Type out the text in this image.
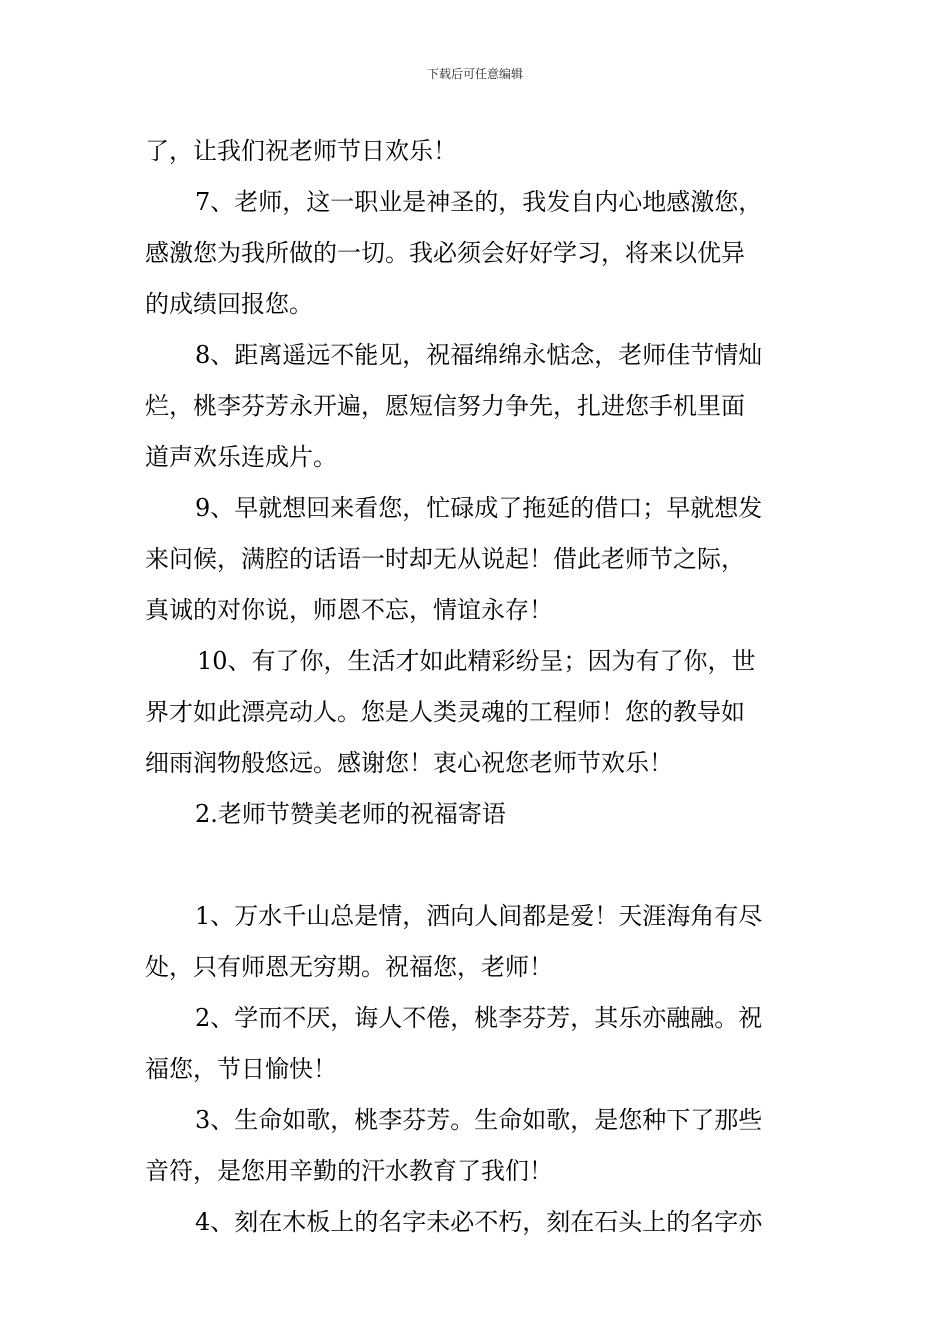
下载后可任意编辑
了，让我们祝老师节日欢乐！
7、老师，这一职业是神圣的，我发自内心地感激您，
感激您为我所做的一切。我必须会好好学习，将来以优异
的成绩回报您。
8、距离遥远不能见，祝福绵绵永惦念，老师佳节情灿
烂，桃李芬芳永开遍，愿短信努力争先，扎进您手机里面
道声欢乐连成片。
9、早就想回来看您，忙碌成了拖延的借口；早就想发
来问候，满腔的话语一时却无从说起！借此老师节之际，
真诚的对你说，师恩不忘，情谊永存！
10、有了你，生活才如此精彩纷呈；因为有了你，世
界才如此漂亮动人。您是人类灵魂的工程师！您的教导如
细雨润物般悠远。感谢您！衷心祝您老师节欢乐！
2.老师节赞美老师的祝福寄语
1、万水千山总是情，洒向人间都是爱！天涯海角有尽
处，只有师恩无穷期。祝福您，老师！
2、学而不厌，诲人不倦，桃李芬芳，其乐亦融融。祝
福您，节日愉快！
3、生命如歌，桃李芬芳。生命如歌，是您种下了那些
音符，是您用辛勤的汗水教育了我们！
4、刻在木板上的名字未必不朽，刻在石头上的名字亦
